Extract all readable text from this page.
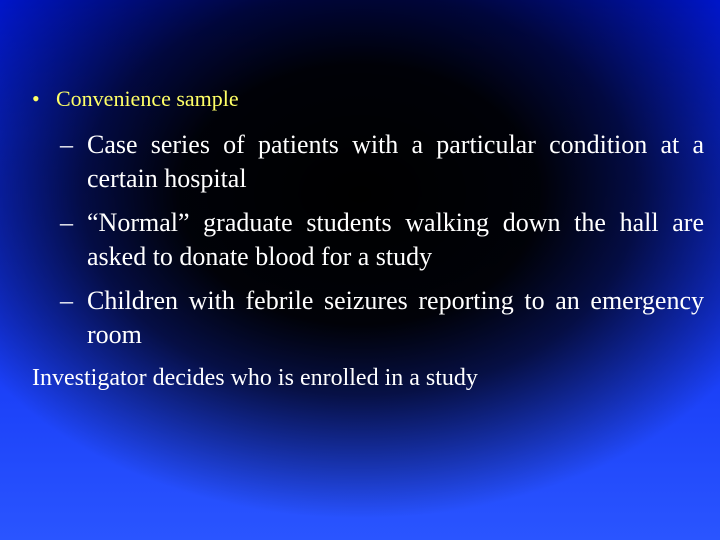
• Convenience sample
– Case series of patients with a particular condition at a certain hospital
– “Normal” graduate students walking down the hall are asked to donate blood for a study
– Children with febrile seizures reporting to an emergency room
Investigator decides who is enrolled in a study
